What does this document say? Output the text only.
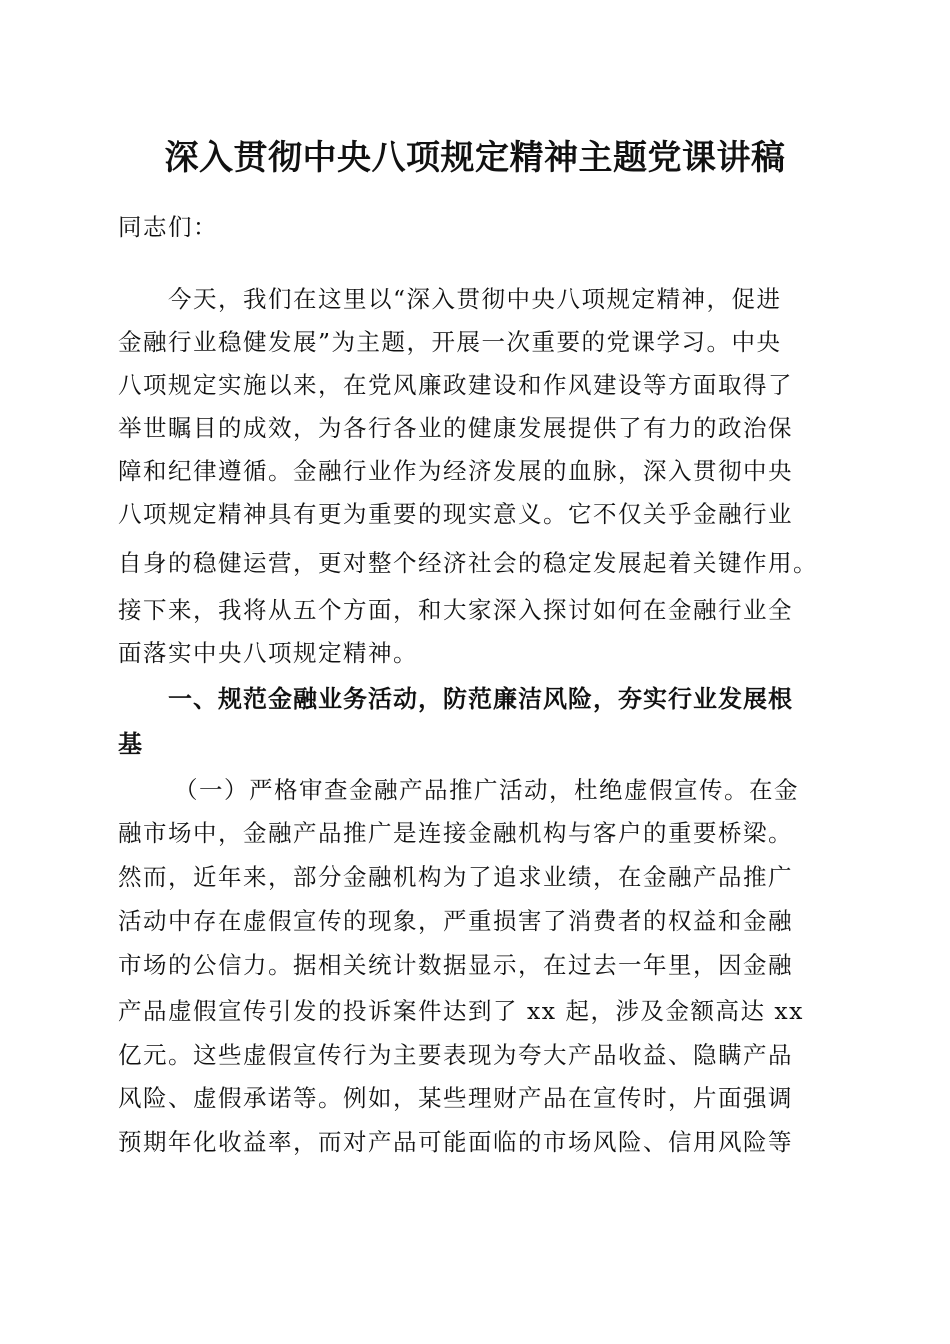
深入贯彻中央八项规定精神主题党课讲稿

同志们：

今天，我们在这里以“深入贯彻中央八项规定精神，促进

金融行业稳健发展”为主题，开展一次重要的党课学习。中央

八项规定实施以来，在党风廉政建设和作风建设等方面取得了

举世瞩目的成效，为各行各业的健康发展提供了有力的政治保

障和纪律遵循。金融行业作为经济发展的血脉，深入贯彻中央

八项规定精神具有更为重要的现实意义。它不仅关乎金融行业

自身的稳健运营，更对整个经济社会的稳定发展起着关键作用。

接下来，我将从五个方面，和大家深入探讨如何在金融行业全

面落实中央八项规定精神。

一、规范金融业务活动，防范廉洁风险，夯实行业发展根

基

（一）严格审查金融产品推广活动，杜绝虚假宣传。在金

融市场中，金融产品推广是连接金融机构与客户的重要桥梁。

然而，近年来，部分金融机构为了追求业绩，在金融产品推广

活动中存在虚假宣传的现象，严重损害了消费者的权益和金融

市场的公信力。据相关统计数据显示，在过去一年里，因金融

产品虚假宣传引发的投诉案件达到了 xx 起，涉及金额高达 xx

亿元。这些虚假宣传行为主要表现为夸大产品收益、隐瞒产品

风险、虚假承诺等。例如，某些理财产品在宣传时，片面强调

预期年化收益率，而对产品可能面临的市场风险、信用风险等
